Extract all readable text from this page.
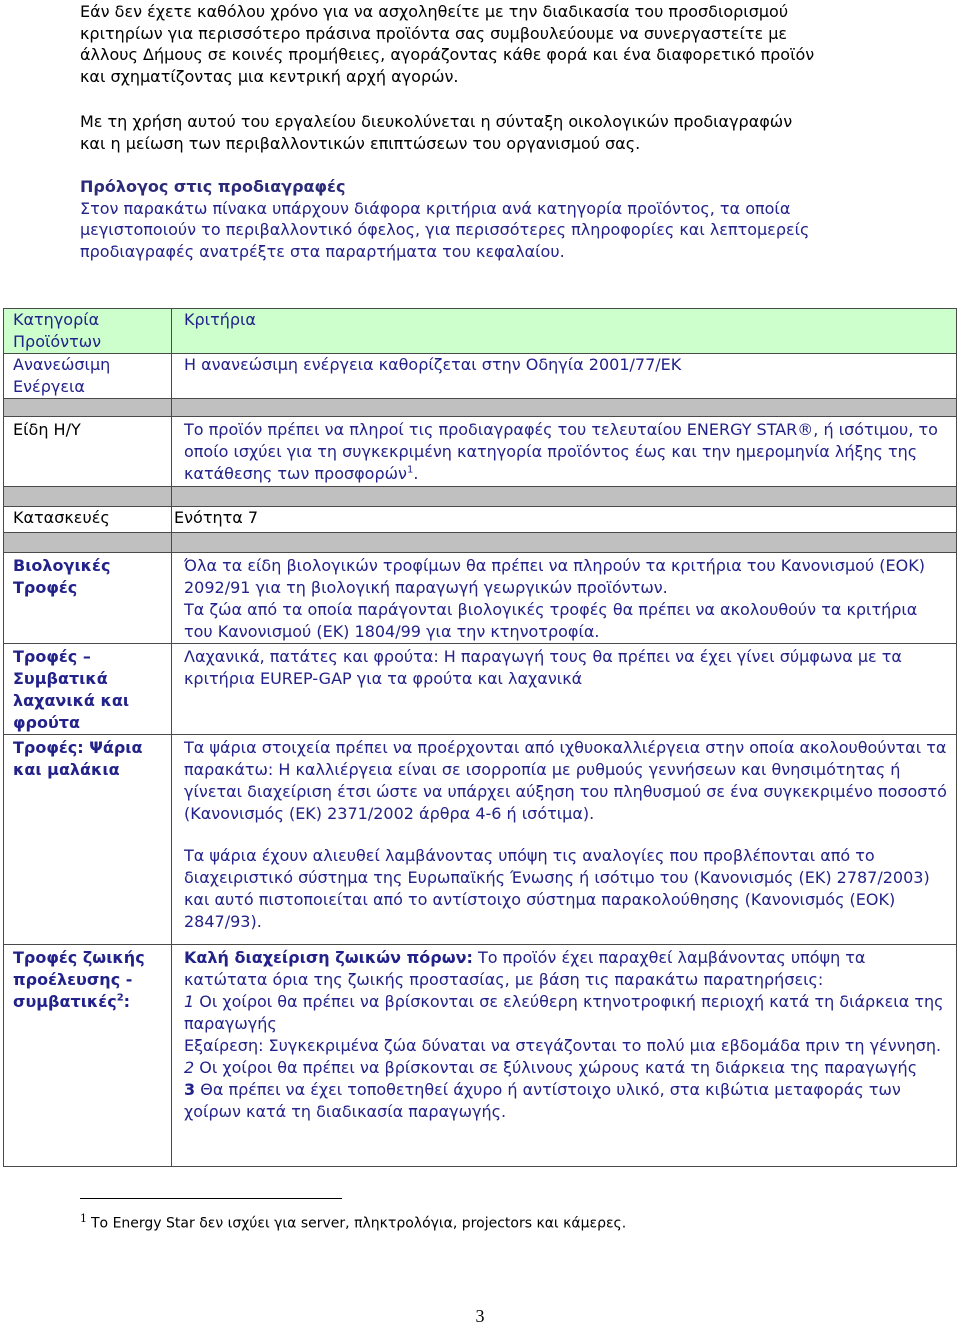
Εάν δεν έχετε καθόλου χρόνο για να ασχοληθείτε με την διαδικασία του προσδιορισμού
κριτηρίων για περισσότερο πράσινα προϊόντα σας συμβουλεύουμε να συνεργαστείτε με
άλλους Δήμους σε κοινές προμήθειες, αγοράζοντας κάθε φορά και ένα διαφορετικό προϊόν
και σχηματίζοντας μια κεντρική αρχή αγορών.
Με τη χρήση αυτού του εργαλείου διευκολύνεται η σύνταξη οικολογικών προδιαγραφών
και η μείωση των περιβαλλοντικών επιπτώσεων του οργανισμού σας.
Πρόλογος στις προδιαγραφές
Στον παρακάτω πίνακα υπάρχουν διάφορα κριτήρια ανά κατηγορία προϊόντος, τα οποία
μεγιστοποιούν το περιβαλλοντικό όφελος, για περισσότερες πληροφορίες και λεπτομερείς
προδιαγραφές ανατρέξτε στα παραρτήματα του κεφαλαίου.
Κατηγορία Προϊόντων	Κριτήρια

Ανανεώσιμη Ενέργεια	Η ανανεώσιμη ενέργεια καθορίζεται στην Οδηγία 2001/77/ΕΚ

Είδη Η/Υ	Το προϊόν πρέπει να πληροί τις προδιαγραφές του τελευταίου ENERGY STAR®, ή ισότιμου, το οποίο ισχύει για τη συγκεκριμένη κατηγορία προϊόντος έως και την ημερομηνία λήξης της κατάθεσης των προσφορών$^1$.

Κατασκευές	Ενότητα 7

Βιολογικές Τροφές	Όλα τα είδη βιολογικών τροφίμων θα πρέπει να πληρούν τα κριτήρια του Κανονισμού (ΕΟΚ) 2092/91 για τη βιολογική παραγωγή γεωργικών προϊόντων.
Τα ζώα από τα οποία παράγονται βιολογικές τροφές θα πρέπει να ακολουθούν τα κριτήρια του Κανονισμού (ΕΚ) 1804/99 για την κτηνοτροφία.

Τροφές – Συμβατικά λαχανικά και φρούτα	Λαχανικά, πατάτες και φρούτα: Η παραγωγή τους θα πρέπει να έχει γίνει σύμφωνα με τα κριτήρια EUREP-GAP για τα φρούτα και λαχανικά

Τροφές: Ψάρια και μαλάκια	Τα ψάρια στοιχεία πρέπει να προέρχονται από ιχθυοκαλλιέργεια στην οποία ακολουθούνται τα παρακάτω: Η καλλιέργεια είναι σε ισορροπία με ρυθμούς γεννήσεων και θνησιμότητας ή γίνεται διαχείριση έτσι ώστε να υπάρχει αύξηση του πληθυσμού σε ένα συγκεκριμένο ποσοστό (Κανονισμός (ΕΚ) 2371/2002 άρθρα 4-6 ή ισότιμα).
Τα ψάρια έχουν αλιευθεί λαμβάνοντας υπόψη τις αναλογίες που προβλέπονται από το διαχειριστικό σύστημα της Ευρωπαϊκής Ένωσης ή ισότιμο του (Κανονισμός (ΕΚ) 2787/2003) και αυτό πιστοποιείται από το αντίστοιχο σύστημα παρακολούθησης (Κανονισμός (ΕΟΚ) 2847/93).

Τροφές ζωικής προέλευσης - συμβατικές$^2$:	Καλή διαχείριση ζωικών πόρων: Το προϊόν έχει παραχθεί λαμβάνοντας υπόψη τα κατώτατα όρια της ζωικής προστασίας, με βάση τις παρακάτω παρατηρήσεις:
1 Οι χοίροι θα πρέπει να βρίσκονται σε ελεύθερη κτηνοτροφική περιοχή κατά τη διάρκεια της παραγωγής
Εξαίρεση: Συγκεκριμένα ζώα δύναται να στεγάζονται το πολύ μια εβδομάδα πριν τη γέννηση.
2 Οι χοίροι θα πρέπει να βρίσκονται σε ξύλινους χώρους κατά τη διάρκεια της παραγωγής
3 Θα πρέπει να έχει τοποθετηθεί άχυρο ή αντίστοιχο υλικό, στα κιβώτια μεταφοράς των χοίρων κατά τη διαδικασία παραγωγής.
$^1$ Το Energy Star δεν ισχύει για server, πληκτρολόγια, projectors και κάμερες.
3
